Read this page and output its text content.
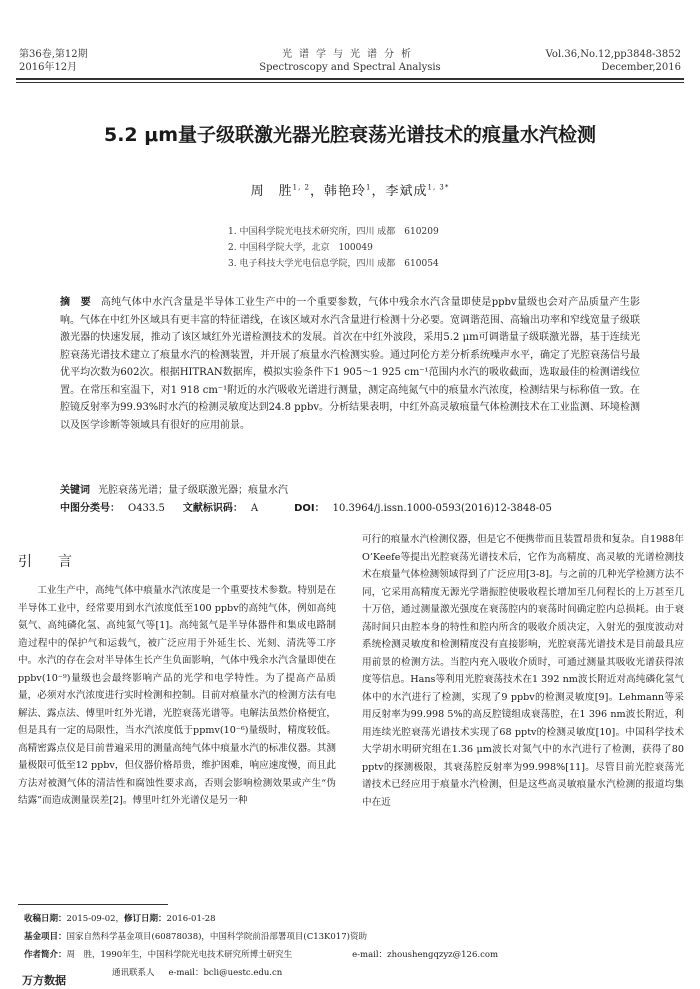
第36卷,第12期
2016年12月
光谱学与光谱分析
Spectroscopy and Spectral Analysis
Vol.36,No.12,pp3848-3852
December,2016
5.2 μm量子级联激光器光腔衰荡光谱技术的痕量水汽检测
周　胜$^{1, 2}$，韩艳玲$^1$，李斌成$^{1, 3*}$
1. 中国科学院光电技术研究所，四川 成都　610209
2. 中国科学院大学，北京　100049
3. 电子科技大学光电信息学院，四川 成都　610054
摘　要 高纯气体中水汽含量是半导体工业生产中的一个重要参数，气体中残余水汽含量即使是ppbv量级也会对产品质量产生影响。气体在中红外区域具有更丰富的特征谱线，在该区域对水汽含量进行检测十分必要。宽调谐范围、高输出功率和窄线宽量子级联激光器的快速发展，推动了该区域红外光谱检测技术的发展。首次在中红外波段，采用5.2 μm可调谐量子级联激光器，基于连续光腔衰荡光谱技术建立了痕量水汽的检测装置，并开展了痕量水汽检测实验。通过阿伦方差分析系统噪声水平，确定了光腔衰荡信号最优平均次数为602次。根据HITRAN数据库，模拟实验条件下1 905～1 925 cm⁻¹范围内水汽的吸收截面，选取最佳的检测谱线位置。在常压和室温下，对1 918 cm⁻¹附近的水汽吸收光谱进行测量，测定高纯氮气中的痕量水汽浓度，检测结果与标称值一致。在腔镜反射率为99.93%时水汽的检测灵敏度达到24.8 ppbv。分析结果表明，中红外高灵敏痕量气体检测技术在工业监测、环境检测以及医学诊断等领域具有很好的应用前景。
关键词 光腔衰荡光谱；量子级联激光器；痕量水汽
中图分类号： O433.5 文献标识码： A	DOI： 10.3964/j.issn.1000-0593(2016)12-3848-05
引　言

工业生产中，高纯气体中痕量水汽浓度是一个重要技术参数。特别是在半导体工业中，经常要用到水汽浓度低至100 ppbv的高纯气体，例如高纯氨气、高纯磷化氢、高纯氮气等[1]。高纯氮气是半导体器件和集成电路制造过程中的保护气和运载气，被广泛应用于外延生长、光刻、清洗等工序中。水汽的存在会对半导体生长产生负面影响，气体中残余水汽含量即使在ppbv(10⁻⁹)量级也会最终影响产品的光学和电学特性。为了提高产品质量，必须对水汽浓度进行实时检测和控制。目前对痕量水汽的检测方法有电解法、露点法、傅里叶红外光谱，光腔衰荡光谱等。电解法虽然价格便宜，但是具有一定的局限性，当水汽浓度低于ppmv(10⁻⁶)量级时，精度较低。高精密露点仪是目前普遍采用的测量高纯气体中痕量水汽的标准仪器。其测量极限可低至12 ppbv，但仪器价格昂贵，维护困难，响应速度慢，而且此方法对被测气体的清洁性和腐蚀性要求高，否则会影响检测效果或产生“伪结露”而造成测量误差[2]。傅里叶红外光谱仪是另一种

可行的痕量水汽检测仪器，但是它不便携带而且装置昂贵和复杂。自1988年O’Keefe等提出光腔衰荡光谱技术后，它作为高精度、高灵敏的光谱检测技术在痕量气体检测领域得到了广泛应用[3-8]。与之前的几种光学检测方法不同，它采用高精度无源光学谐振腔使吸收程长增加至几何程长的上万甚至几十万倍，通过测量激光强度在衰荡腔内的衰荡时间确定腔内总损耗。由于衰荡时间只由腔本身的特性和腔内所含的吸收介质决定，入射光的强度波动对系统检测灵敏度和检测精度没有直接影响，光腔衰荡光谱技术是目前最具应用前景的检测方法。当腔内充入吸收介质时，可通过测量其吸收光谱获得浓度等信息。Hans等利用光腔衰荡技术在1 392 nm波长附近对高纯磷化氢气体中的水汽进行了检测，实现了9 ppbv的检测灵敏度[9]。Lehmann等采用反射率为99.998 5%的高反腔镜组成衰荡腔，在1 396 nm波长附近，利用连续光腔衰荡光谱技术实现了68 pptv的检测灵敏度[10]。中国科学技术大学胡水明研究组在1.36 μm波长对氮气中的水汽进行了检测，获得了80 pptv的探测极限，其衰荡腔反射率为99.998%[11]。尽管目前光腔衰荡光谱技术已经应用于痕量水汽检测，但是这些高灵敏痕量水汽检测的报道均集中在近

收稿日期：2015-09-02，修订日期：2016-01-28
基金项目：国家自然科学基金项目(60878038)，中国科学院前沿部署项目(C13K017)资助
作者简介：周　胜，1990年生，中国科学院光电技术研究所博士研究生	e-mail：zhoushengqzyz@126.com
通讯联系人 e-mail：bcli@uestc.edu.cn
万方数据
